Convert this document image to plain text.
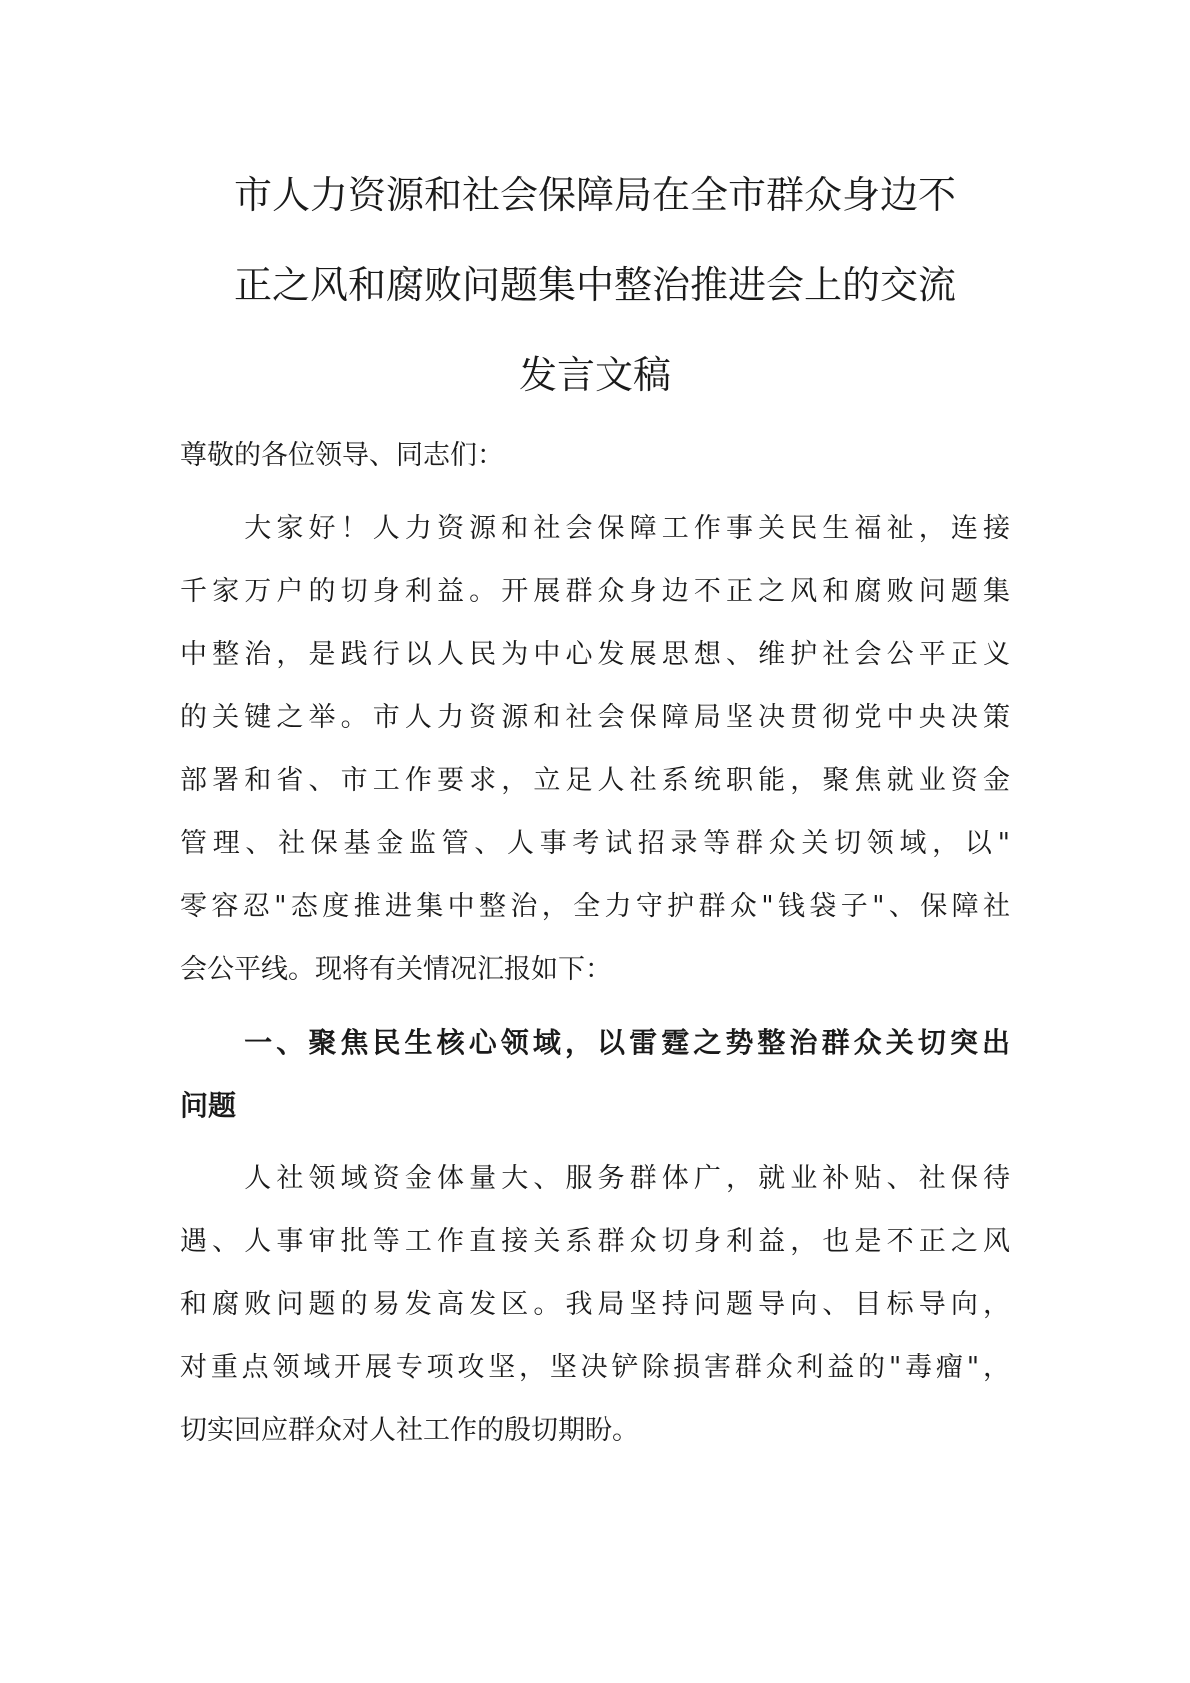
市人力资源和社会保障局在全市群众身边不
正之风和腐败问题集中整治推进会上的交流
发言文稿
尊敬的各位领导、同志们：
　　大家好！人力资源和社会保障工作事关民生福祉，连接
千家万户的切身利益。开展群众身边不正之风和腐败问题集
中整治，是践行以人民为中心发展思想、维护社会公平正义
的关键之举。市人力资源和社会保障局坚决贯彻党中央决策
部署和省、市工作要求，立足人社系统职能，聚焦就业资金
管理、社保基金监管、人事考试招录等群众关切领域，以"
零容忍"态度推进集中整治，全力守护群众"钱袋子"、保障社
会公平线。现将有关情况汇报如下：
　　一、聚焦民生核心领域，以雷霆之势整治群众关切突出
问题
　　人社领域资金体量大、服务群体广，就业补贴、社保待
遇、人事审批等工作直接关系群众切身利益，也是不正之风
和腐败问题的易发高发区。我局坚持问题导向、目标导向，
对重点领域开展专项攻坚，坚决铲除损害群众利益的"毒瘤"，
切实回应群众对人社工作的殷切期盼。
